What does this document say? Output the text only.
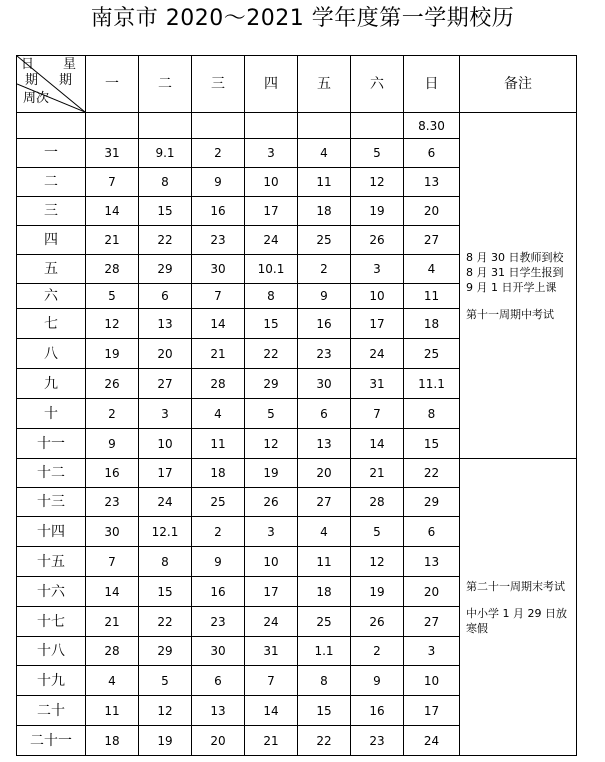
南京市 2020～2021 学年度第一学期校历
日 星
期 期
周次	一	二	三	四	五	六	日	备注
							8.30	8 月 30 日教师到校

8 月 31 日学生报到

9 月 1 日开学上课

第十一周期中考试

一	31	9.1	2	3	4	5	6	
二	7	8	9	10	11	12	13	
三	14	15	16	17	18	19	20	
四	21	22	23	24	25	26	27	
五	28	29	30	10.1	2	3	4	
六	5	6	7	8	9	10	11	
七	12	13	14	15	16	17	18	
八	19	20	21	22	23	24	25	
九	26	27	28	29	30	31	11.1	
十	2	3	4	5	6	7	8	
十一	9	10	11	12	13	14	15	
十二	16	17	18	19	20	21	22	第二十一周期末考试

中小学 1 月 29 日放寒假

十三	23	24	25	26	27	28	29	
十四	30	12.1	2	3	4	5	6	
十五	7	8	9	10	11	12	13	
十六	14	15	16	17	18	19	20	
十七	21	22	23	24	25	26	27	
十八	28	29	30	31	1.1	2	3	
十九	4	5	6	7	8	9	10	
二十	11	12	13	14	15	16	17	
二十一	18	19	20	21	22	23	24	
